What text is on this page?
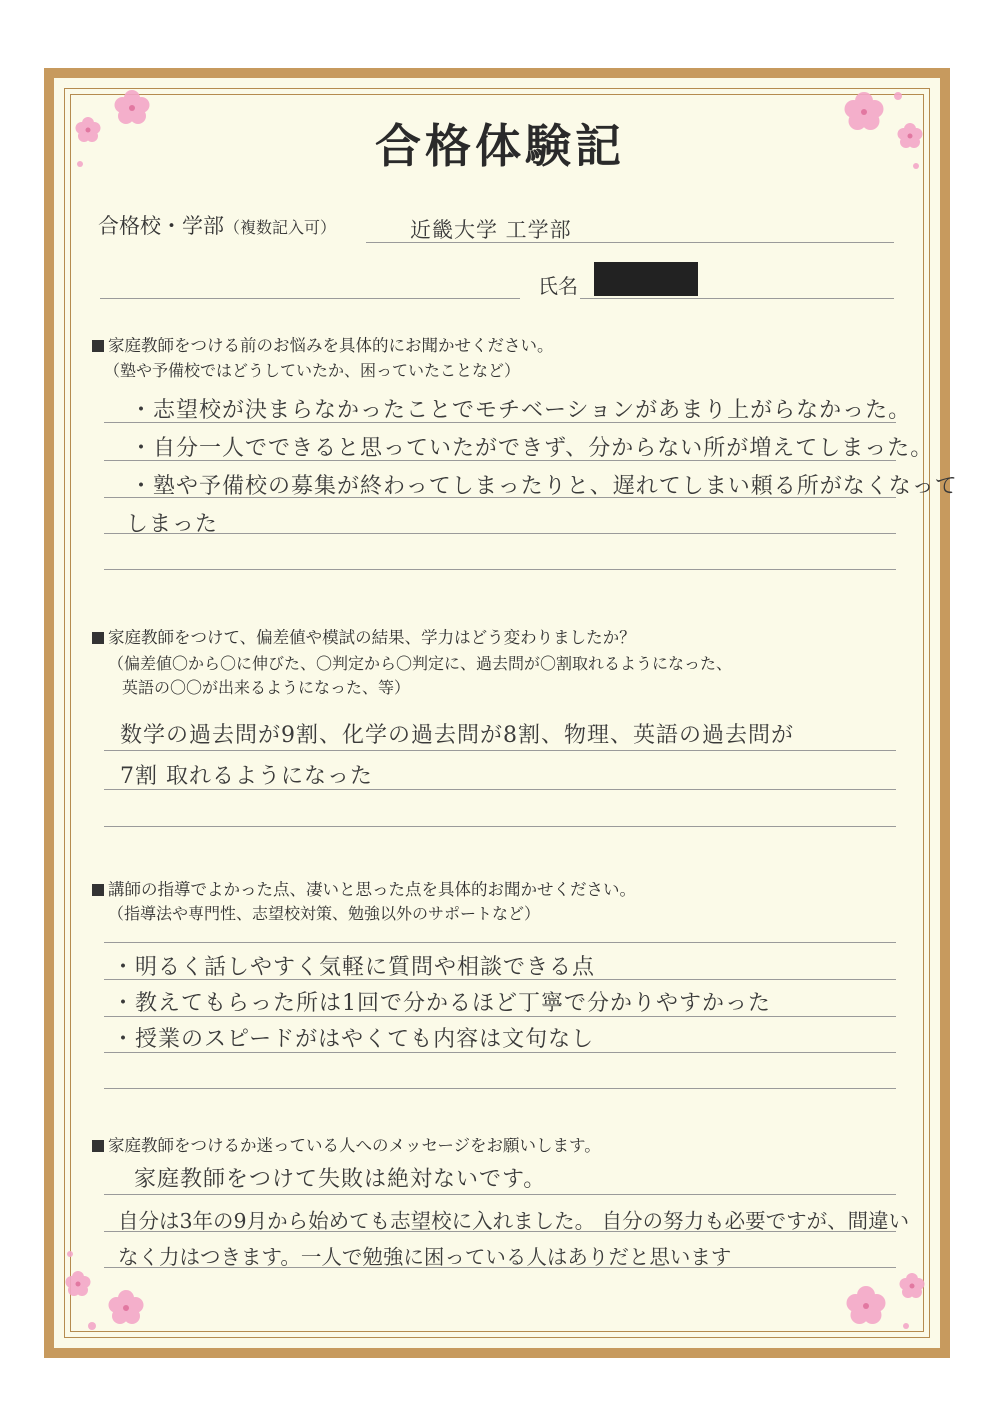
合格体験記
合格校・学部（複数記入可）	近畿大学 工学部
氏名
家庭教師をつける前のお悩みを具体的にお聞かせください。
（塾や予備校ではどうしていたか、困っていたことなど）
・志望校が決まらなかったことでモチベーションがあまり上がらなかった。
・自分一人でできると思っていたができず、分からない所が増えてしまった。
・塾や予備校の募集が終わってしまったりと、遅れてしまい頼る所がなくなって
しまった
家庭教師をつけて、偏差値や模試の結果、学力はどう変わりましたか？
（偏差値〇から〇に伸びた、〇判定から〇判定に、過去問が〇割取れるようになった、
英語の〇〇が出来るようになった、等）
数学の過去問が9割、化学の過去問が8割、物理、英語の過去問が
7割 取れるようになった
講師の指導でよかった点、凄いと思った点を具体的お聞かせください。
（指導法や専門性、志望校対策、勉強以外のサポートなど）
・明るく話しやすく気軽に質問や相談できる点
・教えてもらった所は1回で分かるほど丁寧で分かりやすかった
・授業のスピードがはやくても内容は文句なし
家庭教師をつけるか迷っている人へのメッセージをお願いします。
家庭教師をつけて失敗は絶対ないです。
自分は3年の9月から始めても志望校に入れました。 自分の努力も必要ですが、間違い
なく力はつきます。一人で勉強に困っている人はありだと思います
